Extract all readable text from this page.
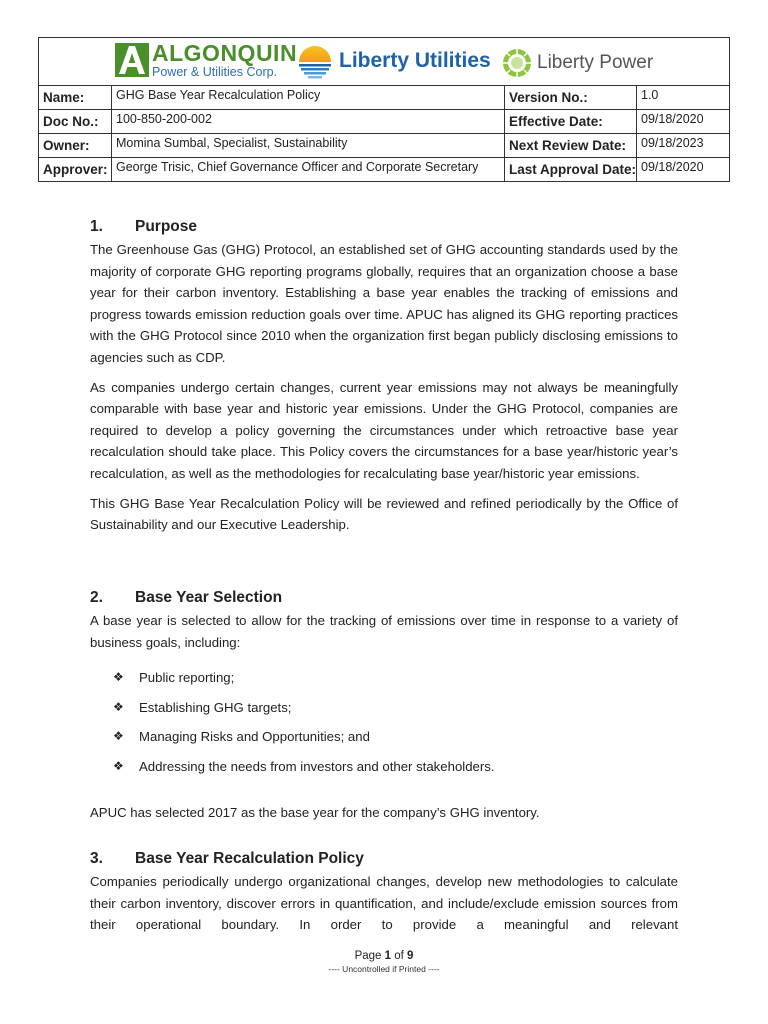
ALGONQUIN
Power & Utilities Corp.	Liberty Utilities Liberty Power
Name:	GHG Base Year Recalculation Policy	Version No.:	1.0
Doc No.:	100-850-200-002	Effective Date:	09/18/2020
Owner:	Momina Sumbal, Specialist, Sustainability	Next Review Date:	09/18/2023
Approver: George Trisic, Chief Governance Officer and Corporate Secretary	Last Approval Date: 09/18/2020
1.	Purpose

The Greenhouse Gas (GHG) Protocol, an established set of GHG accounting standards used by the majority of corporate GHG reporting programs globally, requires that an organization choose a base year for their carbon inventory. Establishing a base year enables the tracking of emissions and progress towards emission reduction goals over time. APUC has aligned its GHG reporting practices with the GHG Protocol since 2010 when the organization first began publicly disclosing emissions to agencies such as CDP.

As companies undergo certain changes, current year emissions may not always be meaningfully comparable with base year and historic year emissions. Under the GHG Protocol, companies are required to develop a policy governing the circumstances under which retroactive base year recalculation should take place. This Policy covers the circumstances for a base year/historic year’s recalculation, as well as the methodologies for recalculating base year/historic year emissions.

This GHG Base Year Recalculation Policy will be reviewed and refined periodically by the Office of Sustainability and our Executive Leadership.

2.	Base Year Selection

A base year is selected to allow for the tracking of emissions over time in response to a variety of business goals, including:

❖	Public reporting;
❖	Establishing GHG targets;
❖	Managing Risks and Opportunities; and
❖	Addressing the needs from investors and other stakeholders.

APUC has selected 2017 as the base year for the company’s GHG inventory.

3.	Base Year Recalculation Policy

Companies periodically undergo organizational changes, develop new methodologies to calculate their carbon inventory, discover errors in quantification, and include/exclude emission sources from their operational boundary. In order to provide a meaningful and relevant

Page 1 of 9
---- Uncontrolled if Printed ----
